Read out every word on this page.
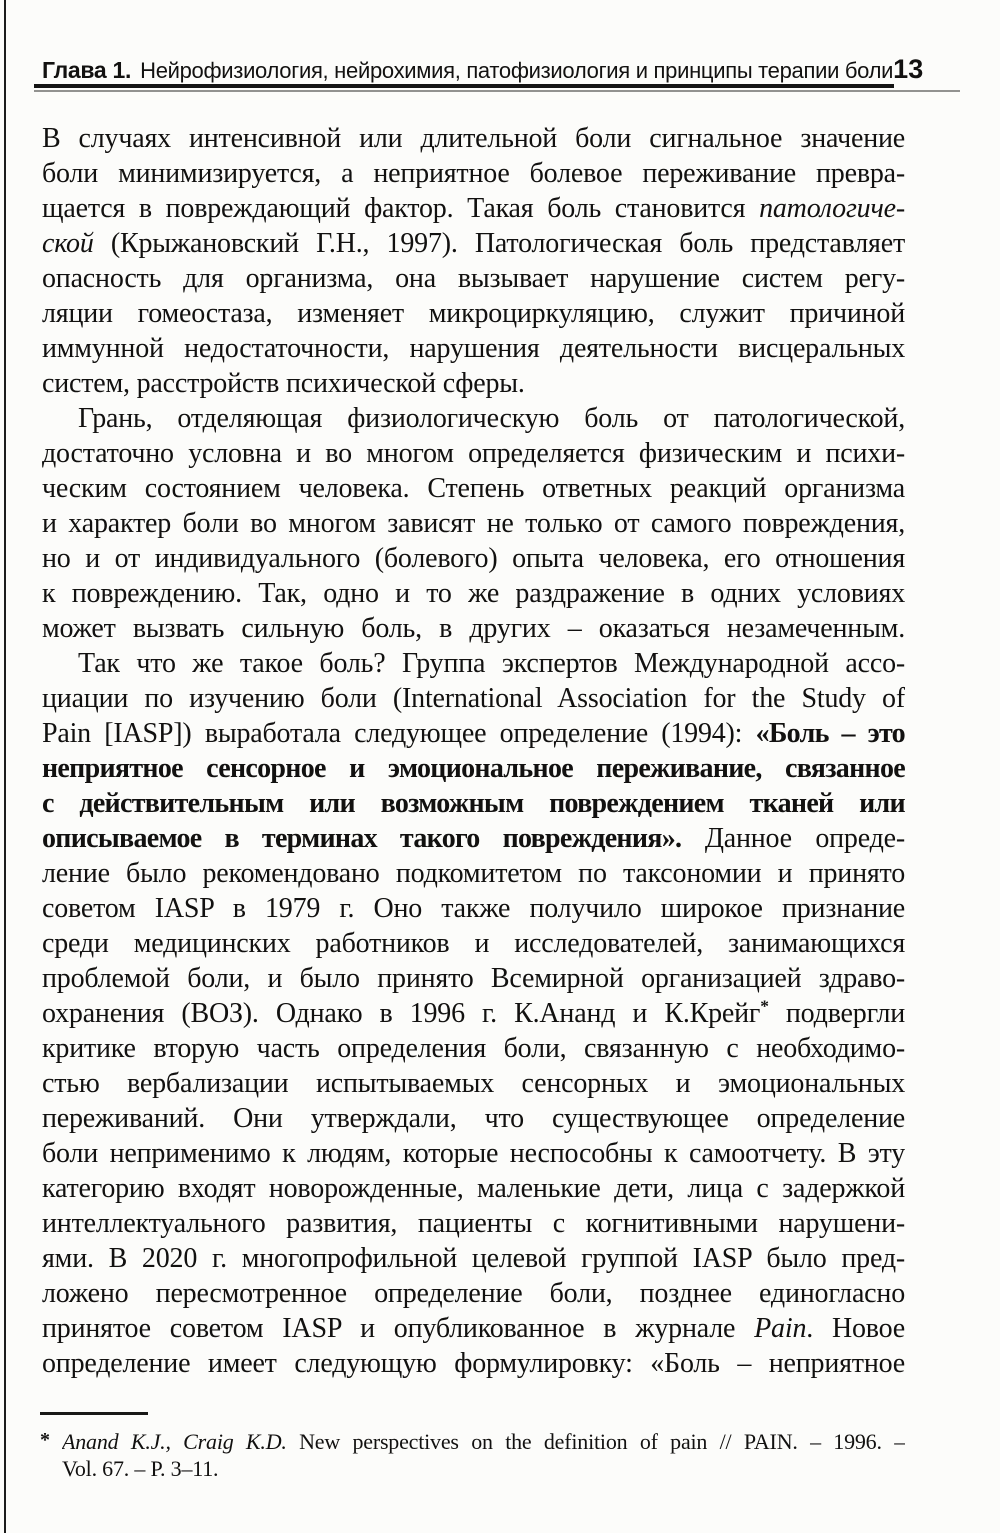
Глава 1. Нейрофизиология, нейрохимия, патофизиология и принципы терапии боли 13
В случаях интенсивной или длительной боли сигнальное значение
боли минимизируется, а неприятное болевое переживание превра-
щается в повреждающий фактор. Такая боль становится патологиче-
ской (Крыжановский Г.Н., 1997). Патологическая боль представляет
опасность для организма, она вызывает нарушение систем регу-
ляции гомеостаза, изменяет микроциркуляцию, служит причиной
иммунной недостаточности, нарушения деятельности висцеральных
систем, расстройств психической сферы.
Грань, отделяющая физиологическую боль от патологической,
достаточно условна и во многом определяется физическим и психи-
ческим состоянием человека. Степень ответных реакций организма
и характер боли во многом зависят не только от самого повреждения,
но и от индивидуального (болевого) опыта человека, его отношения
к повреждению. Так, одно и то же раздражение в одних условиях
может вызвать сильную боль, в других – оказаться незамеченным.
Так что же такое боль? Группа экспертов Международной ассо-
циации по изучению боли (International Association for the Study of
Pain [IASP]) выработала следующее определение (1994): «Боль – это
неприятное сенсорное и эмоциональное переживание, связанное
с действительным или возможным повреждением тканей или
описываемое в терминах такого повреждения». Данное опреде-
ление было рекомендовано подкомитетом по таксономии и принято
советом IASP в 1979 г. Оно также получило широкое признание
среди медицинских работников и исследователей, занимающихся
проблемой боли, и было принято Всемирной организацией здраво-
охранения (ВОЗ). Однако в 1996 г. К.Ананд и К.Крейг* подвергли
критике вторую часть определения боли, связанную с необходимо-
стью вербализации испытываемых сенсорных и эмоциональных
переживаний. Они утверждали, что существующее определение
боли неприменимо к людям, которые неспособны к самоотчету. В эту
категорию входят новорожденные, маленькие дети, лица с задержкой
интеллектуального развития, пациенты с когнитивными нарушени-
ями. В 2020 г. многопрофильной целевой группой IASP было пред-
ложено пересмотренное определение боли, позднее единогласно
принятое советом IASP и опубликованное в журнале Pain. Новое
определение имеет следующую формулировку: «Боль – неприятное
* Anand K.J., Craig K.D. New perspectives on the definition of pain // PAIN. – 1996. –
Vol. 67. – P. 3–11.
